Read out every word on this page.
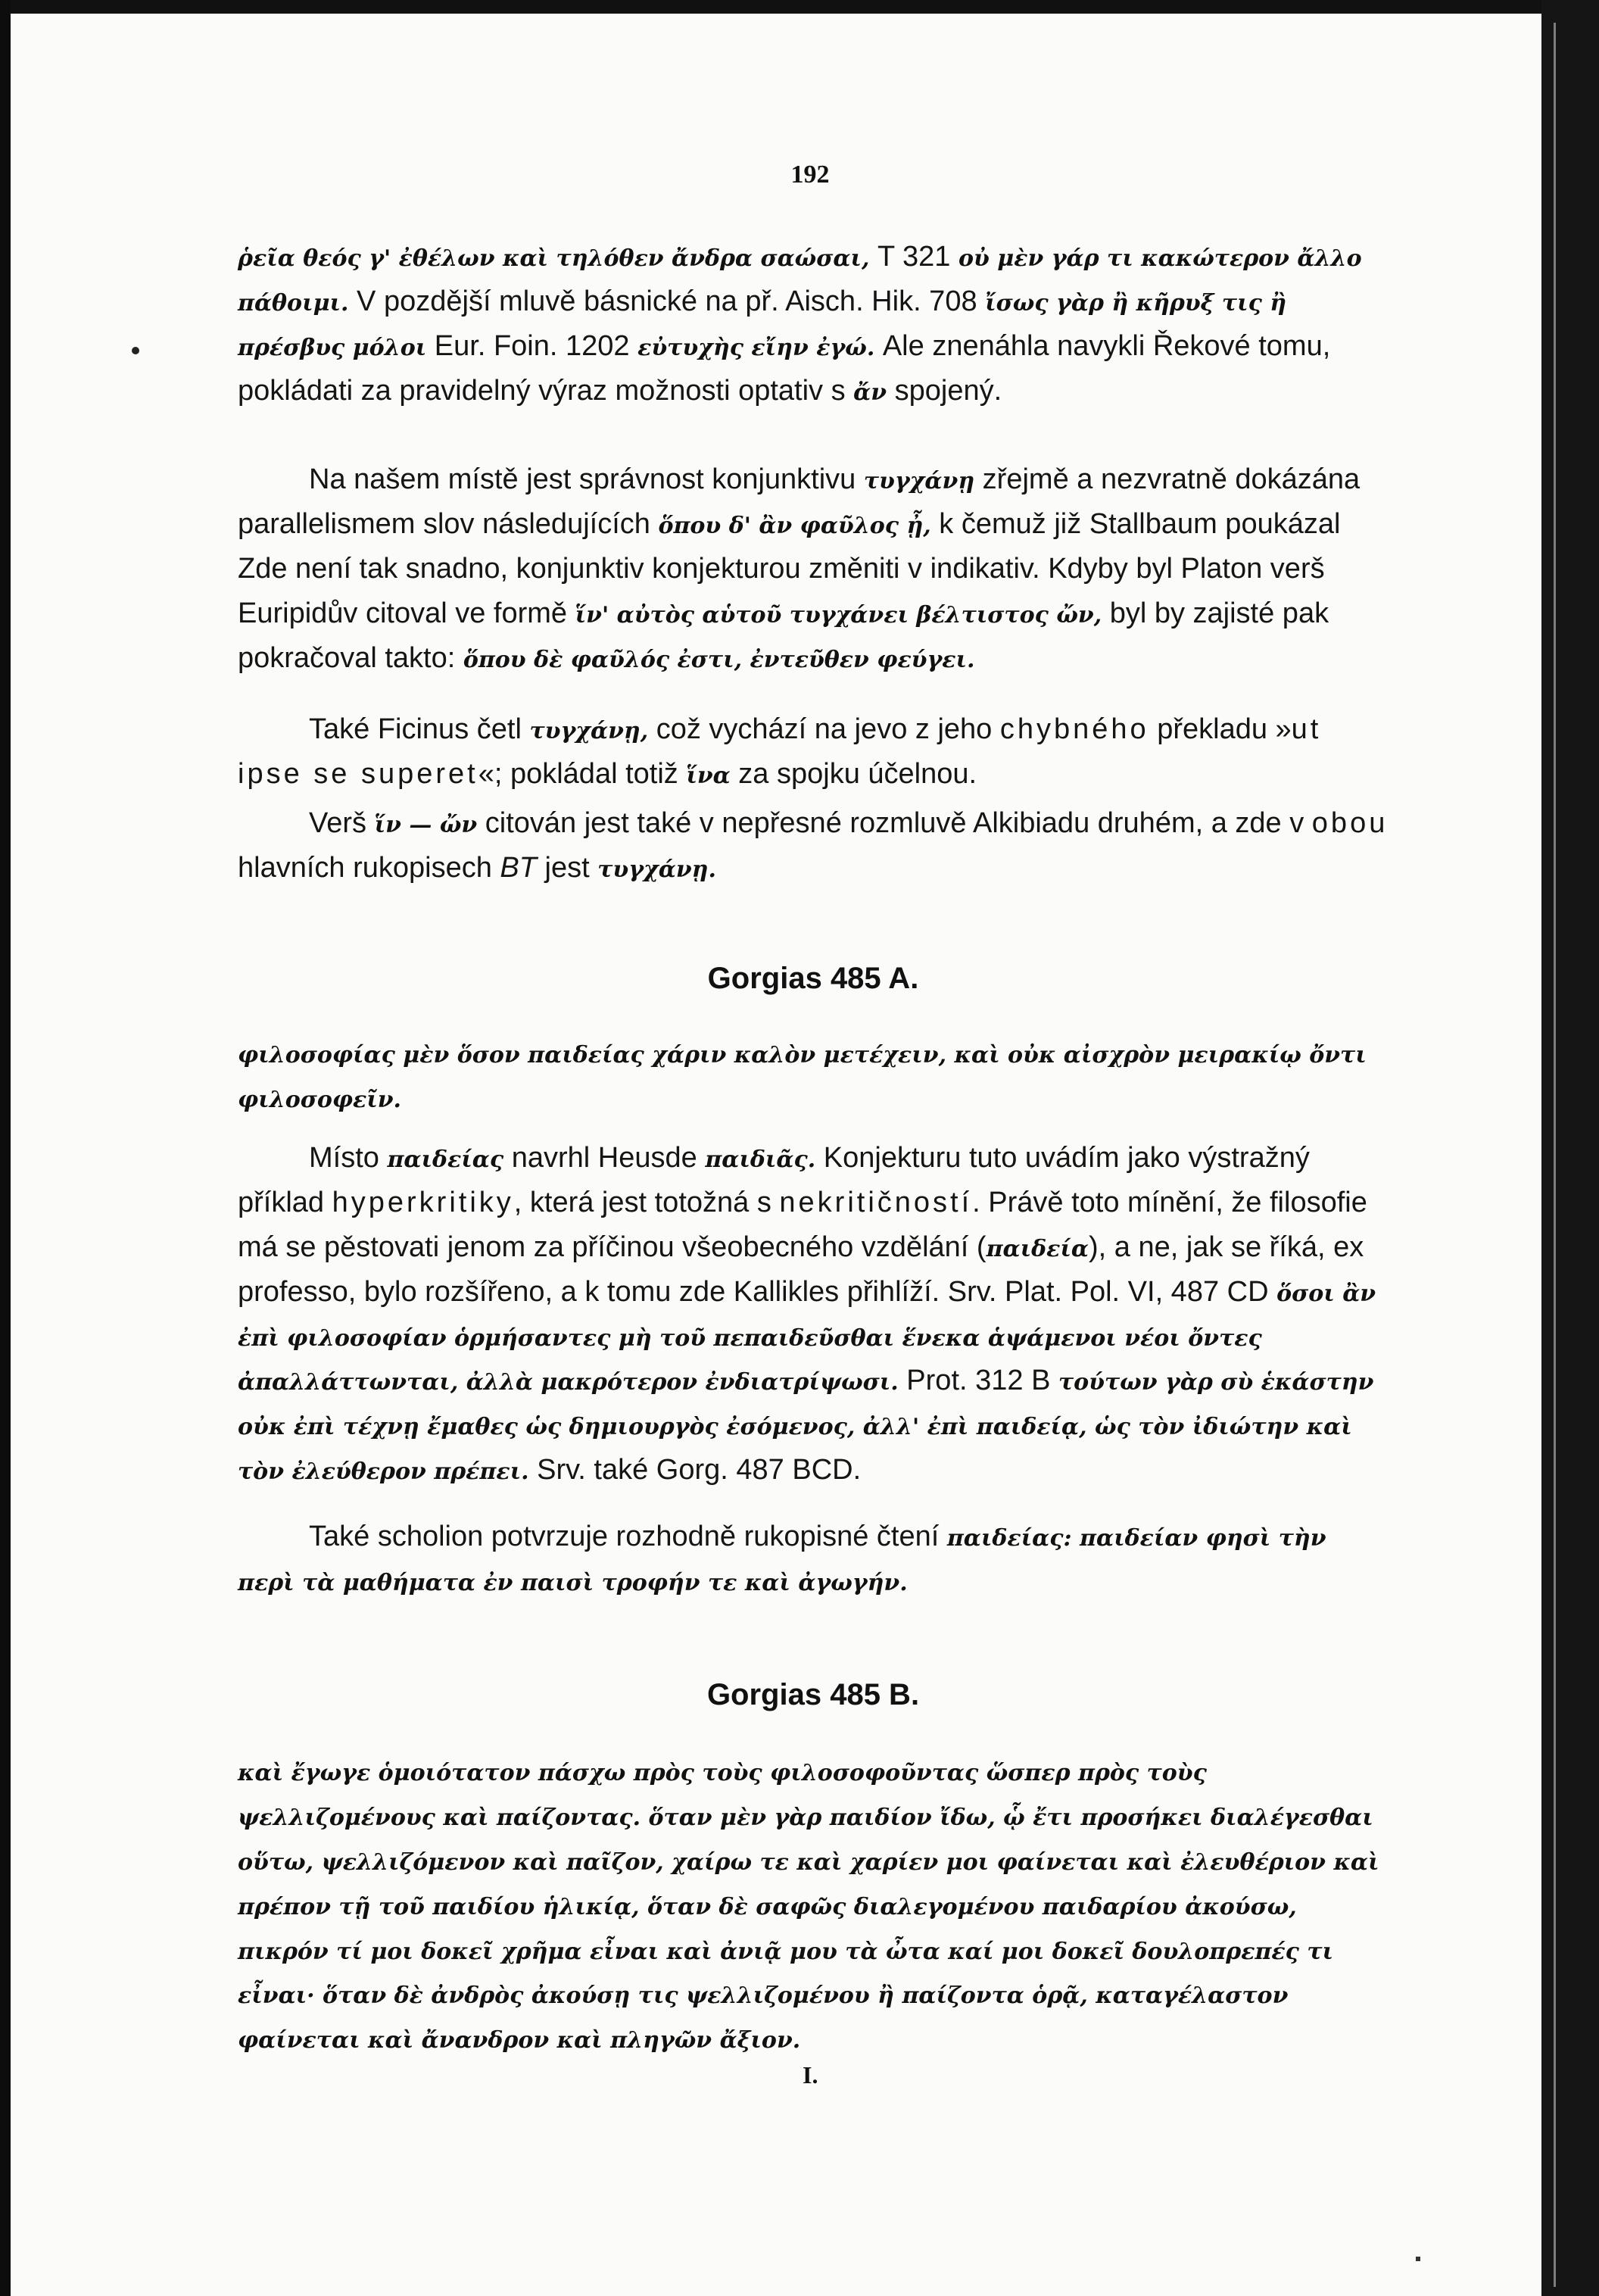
192

ῥεῖα θεός γ' ἐθέλων καὶ τηλόθεν ἄνδρα σαώσαι, T 321 οὐ μὲν γάρ τι κακώτερον ἄλλο πάθοιμι. V pozdější mluvě básnické na př. Aisch. Hik. 708 ἴσως γὰρ ἢ κῆρυξ τις ἢ πρέσβυς μόλοι Eur. Foin. 1202 εὐτυχὴς εἴην ἐγώ. Ale znenáhla navykli Řekové tomu, pokládati za pravidelný výraz možnosti optativ s ἄν spojený.

Na našem místě jest správnost konjunktivu τυγχάνῃ zřejmě a nezvratně dokázána parallelismem slov následujících ὅπου δ' ἂν φαῦλος ᾖ, k čemuž již Stallbaum poukázal Zde není tak snadno, konjunktiv konjekturou změniti v indikativ. Kdyby byl Platon verš Euripidův citoval ve formě ἵν' αὐτὸς αὑτοῦ τυγχάνει βέλτιστος ὤν, byl by zajisté pak pokračoval takto: ὅπου δὲ φαῦλός ἐστι, ἐντεῦθεν φεύγει.

Také Ficinus četl τυγχάνῃ, což vychází na jevo z jeho chybného překladu »ut ipse se superet«; pokládal totiž ἵνα za spojku účelnou.

Verš ἵν — ὤν citován jest také v nepřesné rozmluvě Alkibiadu druhém, a zde v obou hlavních rukopisech BT jest τυγχάνῃ.

Gorgias 485 A.

φιλοσοφίας μὲν ὅσον παιδείας χάριν καλὸν μετέχειν, καὶ οὐκ αἰσχρὸν μειρακίῳ ὄντι φιλοσοφεῖν.

Místo παιδείας navrhl Heusde παιδιᾶς. Konjekturu tuto uvádím jako výstražný příklad hyperkritiky, která jest totožná s nekritičností. Právě toto mínění, že filosofie má se pěstovati jenom za příčinou všeobecného vzdělání (παιδεία), a ne, jak se říká, ex professo, bylo rozšířeno, a k tomu zde Kallikles přihlíží. Srv. Plat. Pol. VI, 487 CD ὅσοι ἂν ἐπὶ φιλοσοφίαν ὁρμήσαντες μὴ τοῦ πεπαιδεῦσθαι ἕνεκα ἁψάμενοι νέοι ὄντες ἀπαλλάττωνται, ἀλλὰ μακρότερον ἐνδιατρίψωσι. Prot. 312 B τούτων γὰρ σὺ ἑκάστην οὐκ ἐπὶ τέχνῃ ἔμαθες ὡς δημιουργὸς ἐσόμενος, ἀλλ' ἐπὶ παιδείᾳ, ὡς τὸν ἰδιώτην καὶ τὸν ἐλεύθερον πρέπει. Srv. také Gorg. 487 BCD.

Také scholion potvrzuje rozhodně rukopisné čtení παιδείας: παιδείαν φησὶ τὴν περὶ τὰ μαθήματα ἐν παισὶ τροφήν τε καὶ ἀγωγήν.

Gorgias 485 B.

καὶ ἔγωγε ὁμοιότατον πάσχω πρὸς τοὺς φιλοσοφοῦντας ὥσπερ πρὸς τοὺς ψελλιζομένους καὶ παίζοντας. ὅταν μὲν γὰρ παιδίον ἴδω, ᾧ ἔτι προσήκει διαλέγεσθαι οὕτω, ψελλιζόμενον καὶ παῖζον, χαίρω τε καὶ χαρίεν μοι φαίνεται καὶ ἐλευθέριον καὶ πρέπον τῇ τοῦ παιδίου ἡλικίᾳ, ὅταν δὲ σαφῶς διαλεγομένου παιδαρίου ἀκούσω, πικρόν τί μοι δοκεῖ χρῆμα εἶναι καὶ ἀνιᾷ μου τὰ ὦτα καί μοι δοκεῖ δουλοπρεπές τι εἶναι· ὅταν δὲ ἀνδρὸς ἀκούσῃ τις ψελλιζομένου ἢ παίζοντα ὁρᾷ, καταγέλαστον φαίνεται καὶ ἄνανδρον καὶ πληγῶν ἄξιον.

I.
